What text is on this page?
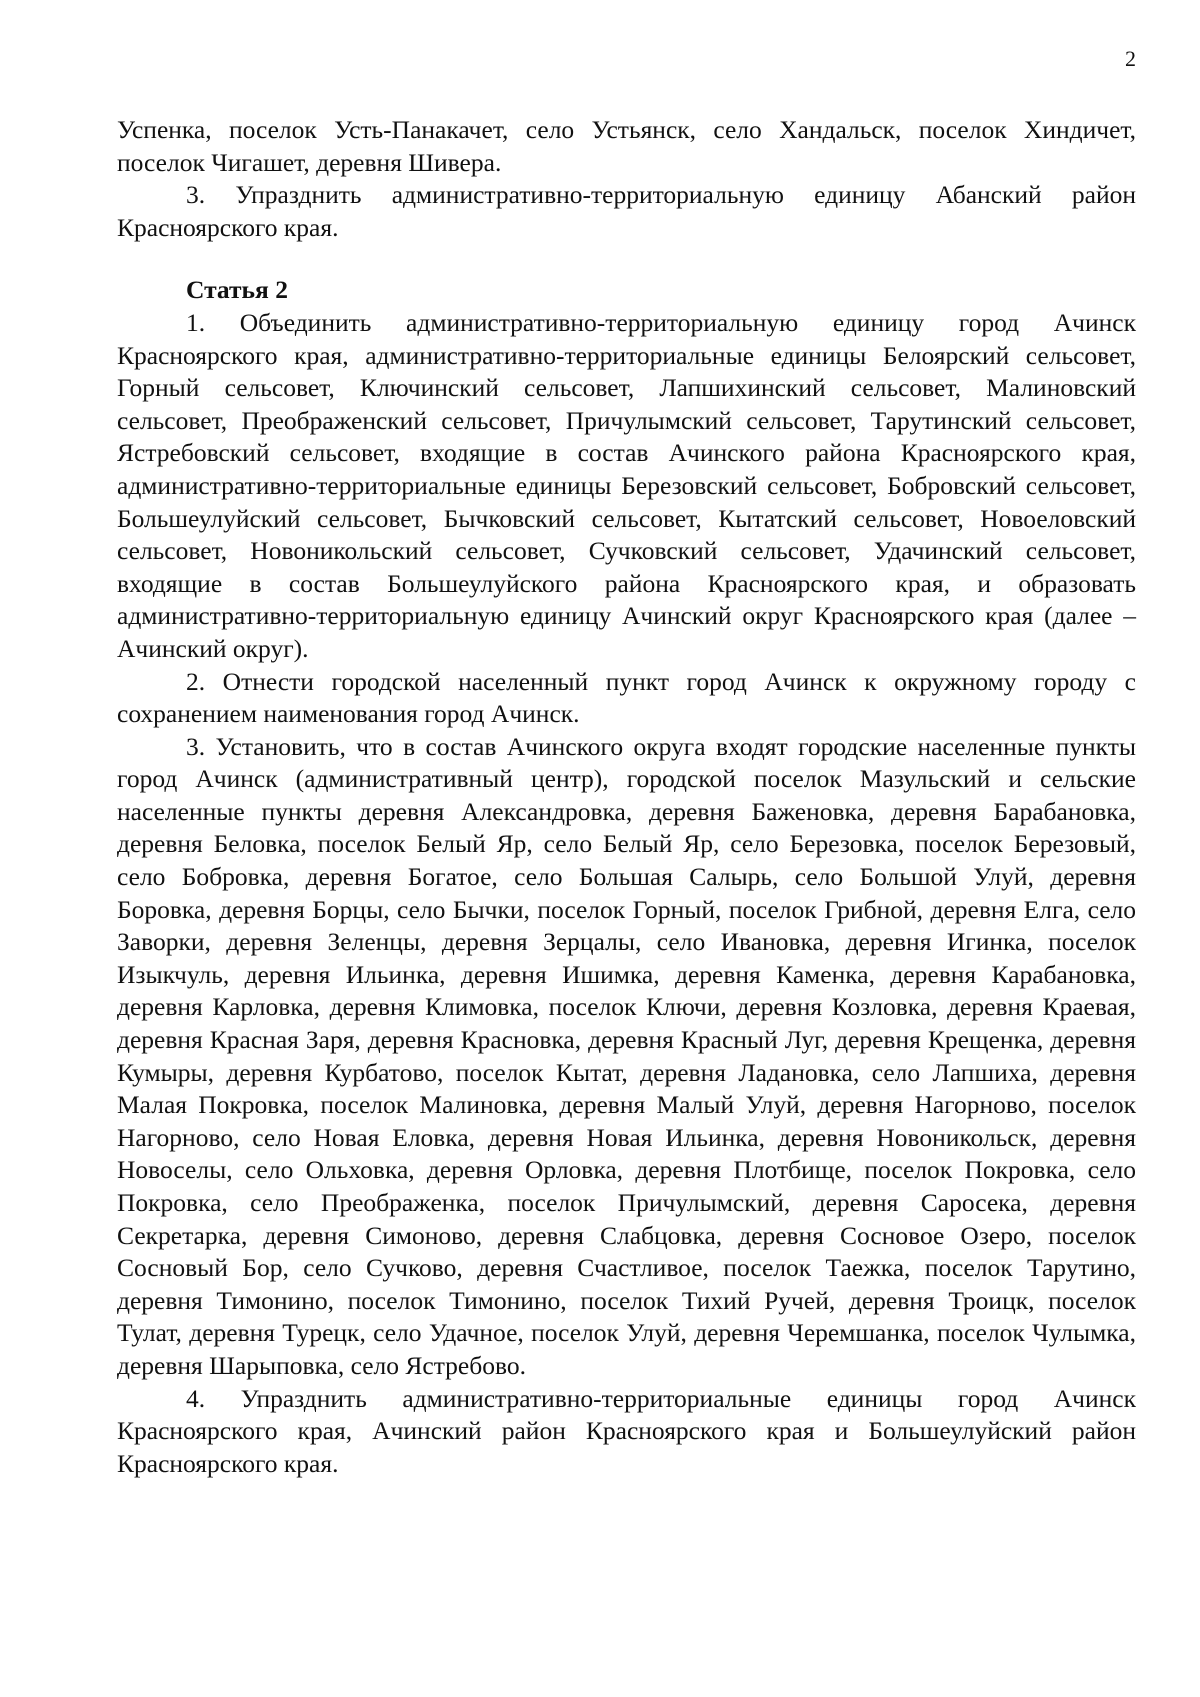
2

Успенка, поселок Усть-Панакачет, село Устьянск, село Хандальск, поселок Хиндичет, поселок Чигашет, деревня Шивера.

3. Упразднить административно-территориальную единицу Абанский район Красноярского края.

Статья 2

1. Объединить административно-территориальную единицу город Ачинск Красноярского края, административно-территориальные единицы Белоярский сельсовет, Горный сельсовет, Ключинский сельсовет, Лапшихинский сельсовет, Малиновский сельсовет, Преображенский сельсовет, Причулымский сельсовет, Тарутинский сельсовет, Ястребовский сельсовет, входящие в состав Ачинского района Красноярского края, административно-территориальные единицы Березовский сельсовет, Бобровский сельсовет, Большеулуйский сельсовет, Бычковский сельсовет, Кытатский сельсовет, Новоеловский сельсовет, Новоникольский сельсовет, Сучковский сельсовет, Удачинский сельсовет, входящие в состав Большеулуйского района Красноярского края, и образовать административно-территориальную единицу Ачинский округ Красноярского края (далее – Ачинский округ).

2. Отнести городской населенный пункт город Ачинск к окружному городу с сохранением наименования город Ачинск.

3. Установить, что в состав Ачинского округа входят городские населенные пункты город Ачинск (административный центр), городской поселок Мазульский и сельские населенные пункты деревня Александровка, деревня Баженовка, деревня Барабановка, деревня Беловка, поселок Белый Яр, село Белый Яр, село Березовка, поселок Березовый, село Бобровка, деревня Богатое, село Большая Салырь, село Большой Улуй, деревня Боровка, деревня Борцы, село Бычки, поселок Горный, поселок Грибной, деревня Елга, село Заворки, деревня Зеленцы, деревня Зерцалы, село Ивановка, деревня Игинка, поселок Изыкчуль, деревня Ильинка, деревня Ишимка, деревня Каменка, деревня Карабановка, деревня Карловка, деревня Климовка, поселок Ключи, деревня Козловка, деревня Краевая, деревня Красная Заря, деревня Красновка, деревня Красный Луг, деревня Крещенка, деревня Кумыры, деревня Курбатово, поселок Кытат, деревня Ладановка, село Лапшиха, деревня Малая Покровка, поселок Малиновка, деревня Малый Улуй, деревня Нагорново, поселок Нагорново, село Новая Еловка, деревня Новая Ильинка, деревня Новоникольск, деревня Новоселы, село Ольховка, деревня Орловка, деревня Плотбище, поселок Покровка, село Покровка, село Преображенка, поселок Причулымский, деревня Саросека, деревня Секретарка, деревня Симоново, деревня Слабцовка, деревня Сосновое Озеро, поселок Сосновый Бор, село Сучково, деревня Счастливое, поселок Таежка, поселок Тарутино, деревня Тимонино, поселок Тимонино, поселок Тихий Ручей, деревня Троицк, поселок Тулат, деревня Турецк, село Удачное, поселок Улуй, деревня Черемшанка, поселок Чулымка, деревня Шарыповка, село Ястребово.

4. Упразднить административно-территориальные единицы город Ачинск Красноярского края, Ачинский район Красноярского края и Большеулуйский район Красноярского края.
